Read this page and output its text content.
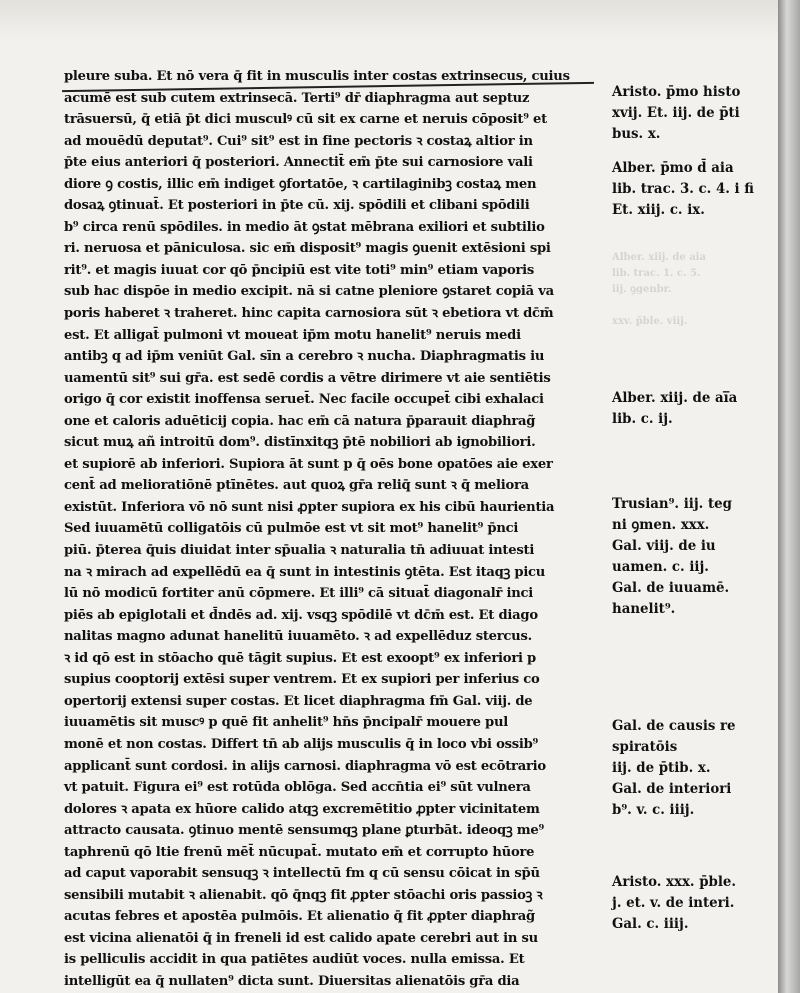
Alber. xiij. de aia
lib. trac. 1. c. 5.
iij. ꝯgenbr.

xxv. p̄ble. viij.
pleure suba. Et nō vera q̄ fit in musculis inter costas extrinsecus, cuius
acumē est sub cutem extrinsecā. Terti⁹ dr̄ diaphragma aut septuz
trāsuersū, q̄ etiā p̄t dici musculꝰ cū sit ex carne et neruis cōposit⁹ et
ad mouēdū deputat⁹. Cui⁹ sit⁹ est in fine pectoris ꝛ costaꝝ altior in
p̄te eius anteriori q̄ posteriori. Annectit̄ em̄ p̄te sui carnosiore vali
diore ꝯ costis, illic em̄ indiget ꝯfortatōe, ꝛ cartilaginibꝫ costaꝝ men
dosaꝝ ꝯtinuat̄. Et posteriori in p̄te cū. xij. spōdili et clibani spōdili
b⁹ circa renū spōdiles. in medio āt ꝯstat mēbrana exiliori et subtilio
ri. neruosa et pāniculosa. sic em̄ disposit⁹ magis ꝯuenit extēsioni spi
rit⁹. et magis iuuat cor qō p̄ncipiū est vite toti⁹ min⁹ etiam vaporis
sub hac dispōe in medio excipit. nā si catne pleniore ꝯstaret copiā va
poris haberet ꝛ traheret. hinc capita carnosiora sūt ꝛ ebetiora vt dc̄m̄
est. Et alligat̄ pulmoni vt moueat ip̄m motu hanelit⁹ neruis medi
antibꝫ q ad ip̄m veniūt Gal. sīn a cerebro ꝛ nucha. Diaphragmatis iu
uamentū sit⁹ sui gr̄a. est sedē cordis a vētre dirimere vt aie sentiētis
origo q̄ cor existit inoffensa seruet̄. Nec facile occupet̄ cibi exhalaci
one et caloris aduēticij copia. hac em̄ cā natura p̄parauit diaphrag̃
sicut muꝝ añ introitū dom⁹. distīnxitqꝫ p̄tē nobiliori ab ignobiliori.
et supiorē ab inferiori. Supiora āt sunt p q̄ oēs bone opatōes aie exer
cent̄ ad melioratiōnē ptīnētes. aut quoꝝ gr̄a reliq̄ sunt ꝛ q̄ meliora
existūt. Inferiora vō nō sunt nisi ꝓpter supiora ex his cibū haurientia
Sed iuuamētū colligatōis cū pulmōe est vt sit mot⁹ hanelit⁹ p̄nci
piū. p̄terea q̄uis diuidat inter sp̄ualia ꝛ naturalia tn̄ adiuuat intesti
na ꝛ mirach ad expellēdū ea q̄ sunt in intestinis ꝯtēta. Est itaqꝫ picu
lū nō modicū fortiter anū cōpmere. Et illi⁹ cā situat̄ diagonalr̄ inci
piēs ab epiglotali et d̄ndēs ad. xij. vsqꝫ spōdilē vt dc̄m̄ est. Et diago
nalitas magno adunat hanelitū iuuamēto. ꝛ ad expellēduz stercus.
ꝛ id qō est in stōacho quē tāgit supius. Et est exoopt⁹ ex inferiori p
supius cooptorij extēsi super ventrem. Et ex supiori per inferius co
opertorij extensi super costas. Et licet diaphragma fm̄ Gal. viij. de
iuuamētis sit muscꝰ p quē fit anhelit⁹ hn̄s p̄ncipalr̄ mouere pul
monē et non costas. Differt tn̄ ab alijs musculis q̄ in loco vbi ossib⁹
applicant̄ sunt cordosi. in alijs carnosi. diaphragma vō est ecōtrario
vt patuit. Figura ei⁹ est rotūda oblōga. Sed accn̄tia ei⁹ sūt vulnera
dolores ꝛ apata ex hūore calido atqꝫ excremētitio ꝓpter vicinitatem
attracto causata. ꝯtinuo mentē sensumqꝫ plane ꝑturbāt. ideoqꝫ me⁹
taphrenū qō ltie frenū mēt̄ nūcupat̄. mutato em̄ et corrupto hūore
ad caput vaporabit sensuqꝫ ꝛ intellectū fm q cū sensu cōicat in sp̄ū
sensibili mutabit ꝛ alienabit. qō q̄nqꝫ fit ꝓpter stōachi oris passioꝫ ꝛ
acutas febres et apostēa pulmōis. Et alienatio q̄ fit ꝓpter diaphrag̃
est vicina alienatōi q̄ in freneli id est calido apate cerebri aut in su
is pelliculis accidit in qua patiētes audiūt voces. nulla emissa. Et
intelligūt ea q̄ nullaten⁹ dicta sunt. Diuersitas alienatōis gr̄a dia
Aristo. p̄mo histo
xvij. Et. iij. de p̄ti
bus. x.
Alber. p̄mo d̄ aia
lib. trac. 3. c. 4. i fi
Et. xiij. c. ix.
Alber. xiij. de ai̅a
lib. c. ij.
Trusian⁹. iij. teg
ni ꝯmen. xxx.
Gal. viij. de iu
uamen. c. iij.
Gal. de iuuamē.
hanelit⁹.
Gal. de causis re
spiratōis
iij. de p̄tib. x.
Gal. de interiori
b⁹. v. c. iiij.
Aristo. xxx. p̄ble.
j. et. v. de interi.
Gal. c. iiij.
